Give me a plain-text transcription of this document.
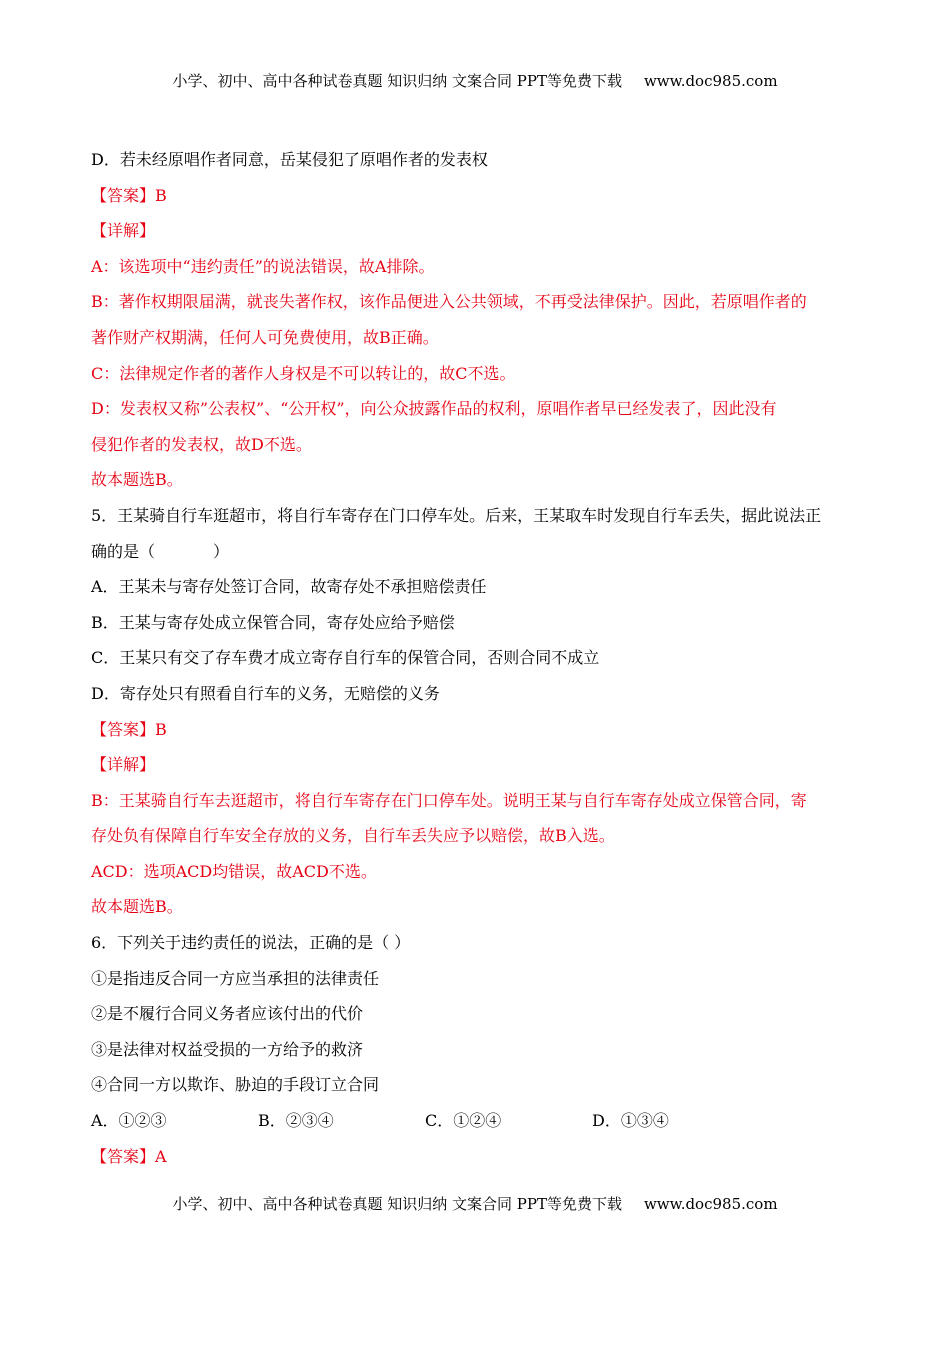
小学、初中、高中各种试卷真题 知识归纳 文案合同 PPT等免费下载 www.doc985.com
D．若未经原唱作者同意，岳某侵犯了原唱作者的发表权
【答案】B
【详解】
A：该选项中“违约责任”的说法错误，故A排除。
B：著作权期限届满，就丧失著作权，该作品便进入公共领域，不再受法律保护。因此，若原唱作者的
著作财产权期满，任何人可免费使用，故B正确。
C：法律规定作者的著作人身权是不可以转让的，故C不选。
D：发表权又称”公表权”、“公开权”，向公众披露作品的权利，原唱作者早已经发表了，因此没有
侵犯作者的发表权，故D不选。
故本题选B。
5．王某骑自行车逛超市，将自行车寄存在门口停车处。后来，王某取车时发现自行车丢失，据此说法正
确的是（	）
A．王某未与寄存处签订合同，故寄存处不承担赔偿责任
B．王某与寄存处成立保管合同，寄存处应给予赔偿
C．王某只有交了存车费才成立寄存自行车的保管合同，否则合同不成立
D．寄存处只有照看自行车的义务，无赔偿的义务
【答案】B
【详解】
B：王某骑自行车去逛超市，将自行车寄存在门口停车处。说明王某与自行车寄存处成立保管合同，寄
存处负有保障自行车安全存放的义务，自行车丢失应予以赔偿，故B入选。
ACD：选项ACD均错误，故ACD不选。
故本题选B。
6．下列关于违约责任的说法，正确的是（ ）
①是指违反合同一方应当承担的法律责任
②是不履行合同义务者应该付出的代价
③是法律对权益受损的一方给予的救济
④合同一方以欺诈、胁迫的手段订立合同
A．①②③	B．②③④	C．①②④	D．①③④
【答案】A
小学、初中、高中各种试卷真题 知识归纳 文案合同 PPT等免费下载 www.doc985.com
